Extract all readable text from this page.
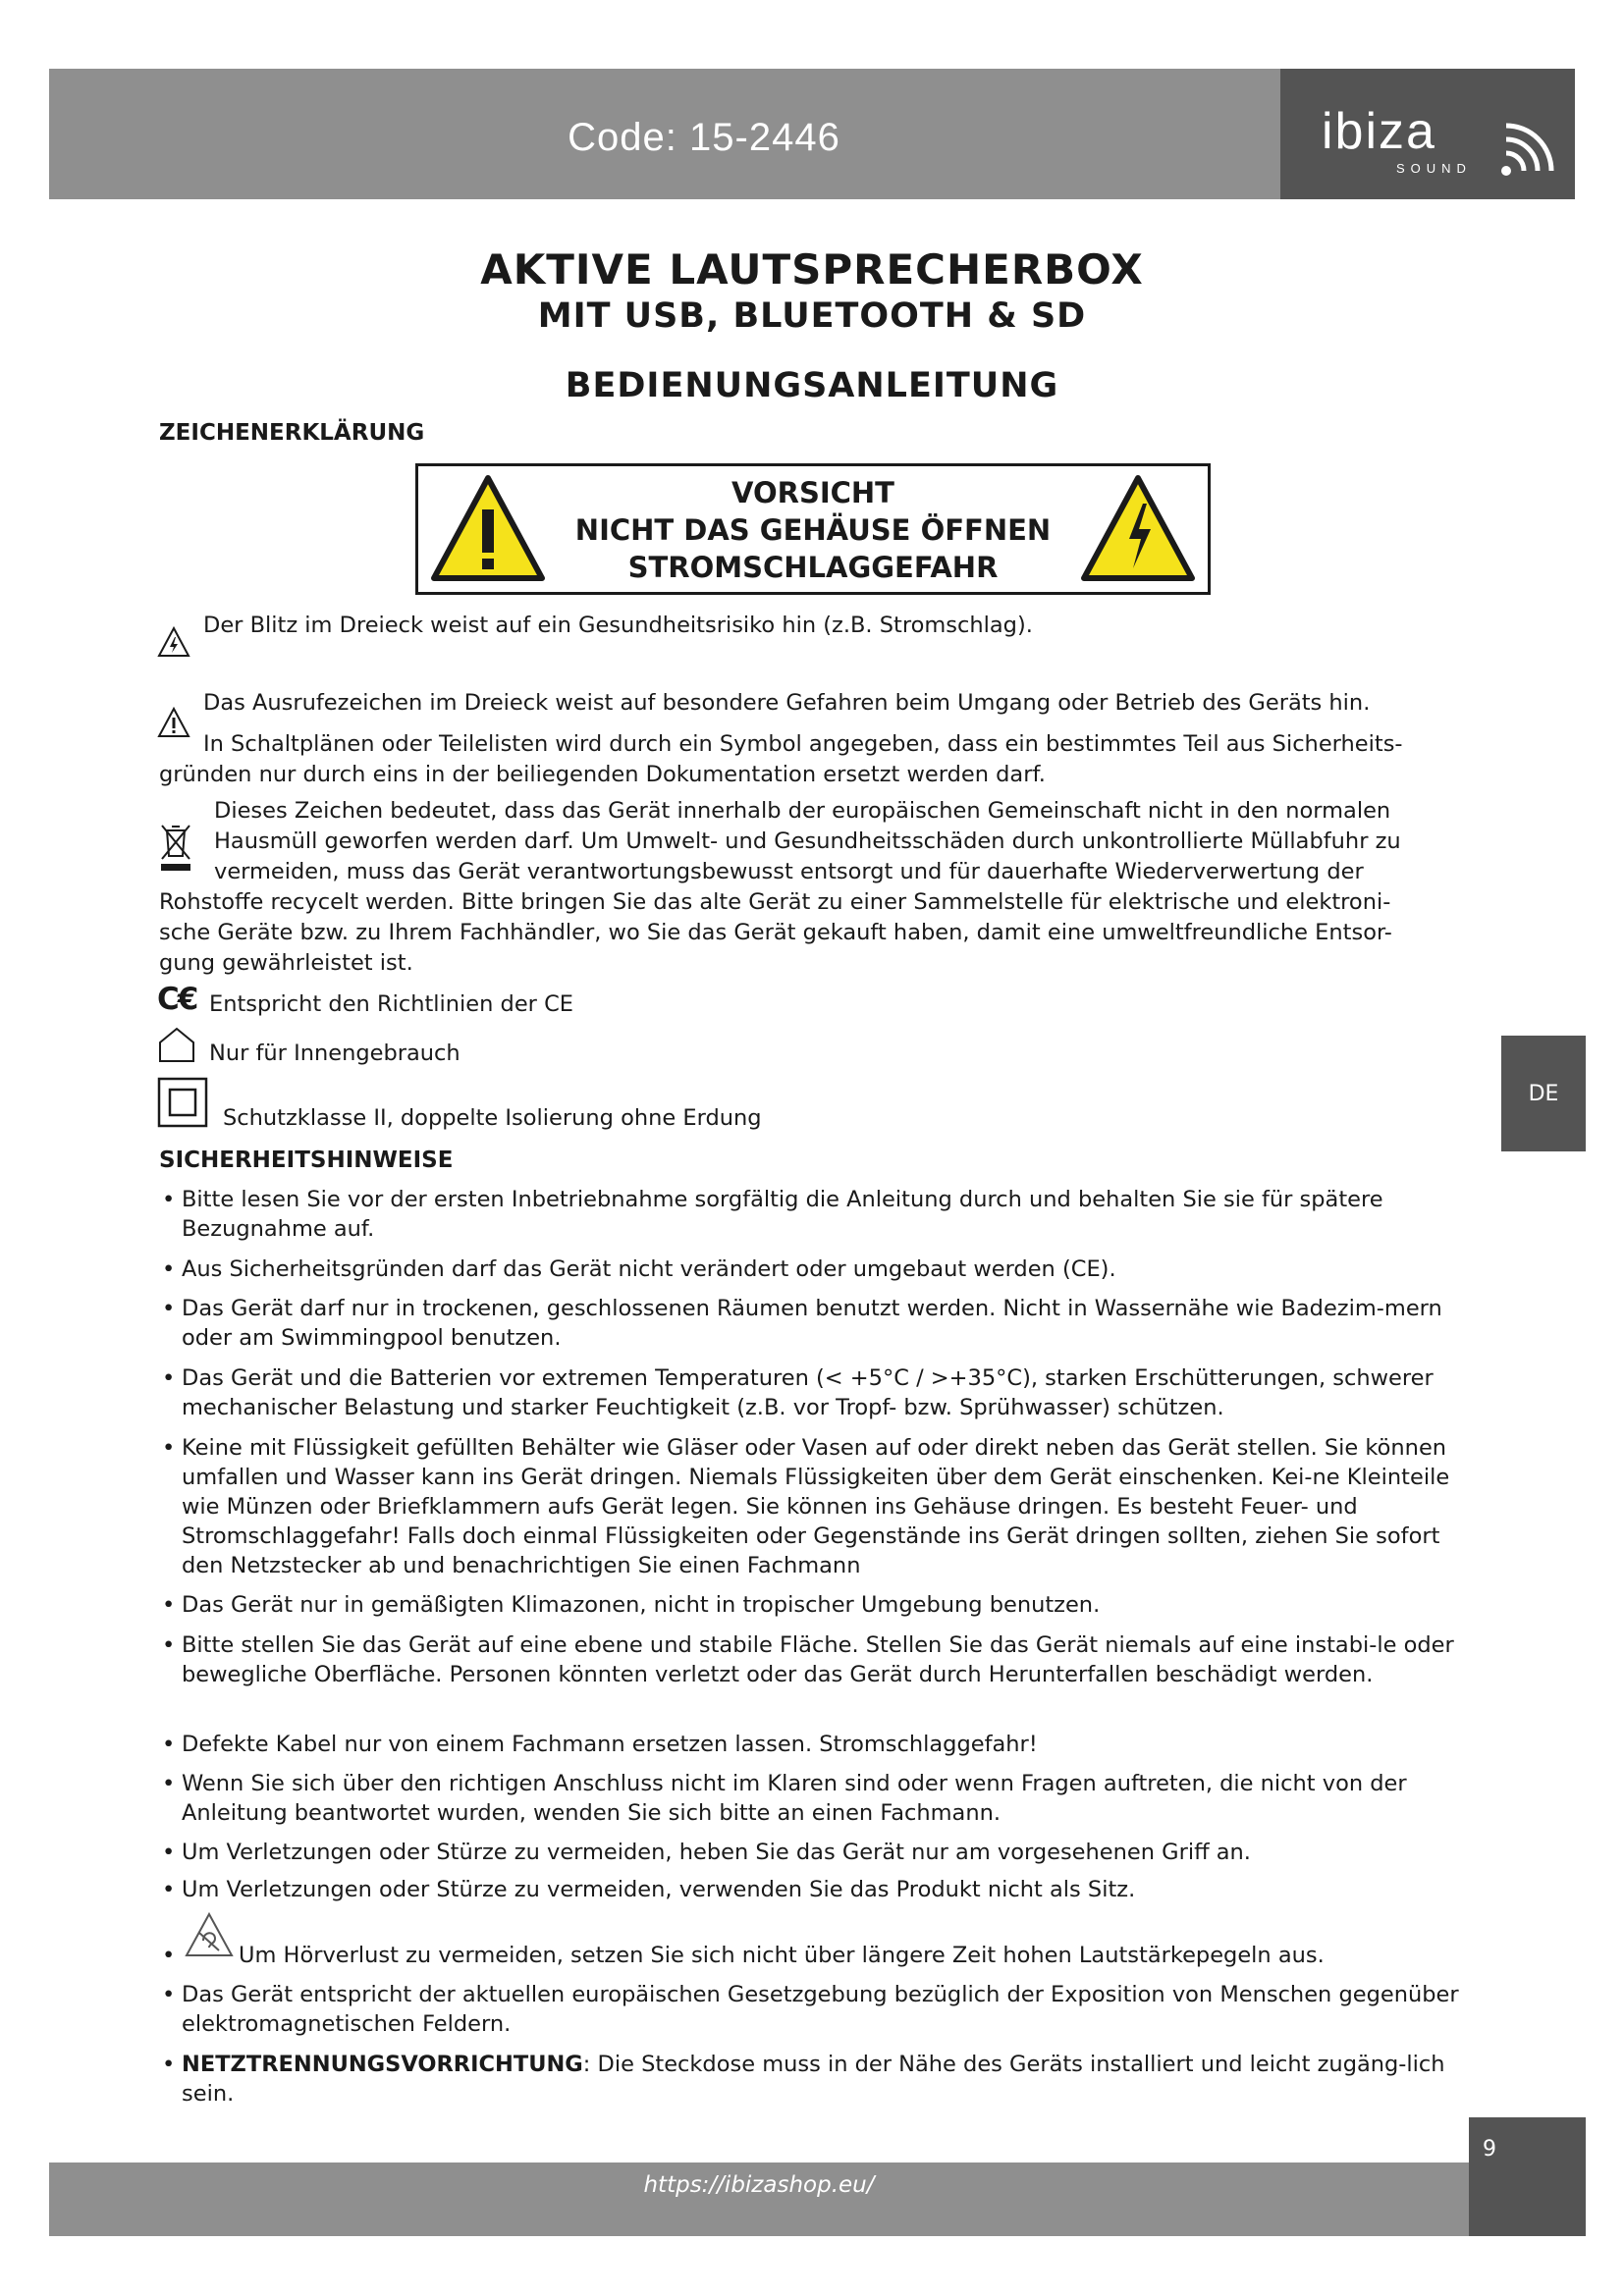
Code: 15-2446	ibiza
SOUND
AKTIVE LAUTSPRECHERBOX
MIT USB, BLUETOOTH & SD
BEDIENUNGSANLEITUNG
ZEICHENERKLÄRUNG
VORSICHT
NICHT DAS GEHÄUSE ÖFFNEN
STROMSCHLAGGEFAHR
Der Blitz im Dreieck weist auf ein Gesundheitsrisiko hin (z.B. Stromschlag).
Das Ausrufezeichen im Dreieck weist auf besondere Gefahren beim Umgang oder Betrieb des Geräts hin.
In Schaltplänen oder Teilelisten wird durch ein Symbol angegeben, dass ein bestimmtes Teil aus Sicherheits-
gründen nur durch eins in der beiliegenden Dokumentation ersetzt werden darf.
Dieses Zeichen bedeutet, dass das Gerät innerhalb der europäischen Gemeinschaft nicht in den normalen
Hausmüll geworfen werden darf. Um Umwelt- und Gesundheitsschäden durch unkontrollierte Müllabfuhr zu
vermeiden, muss das Gerät verantwortungsbewusst entsorgt und für dauerhafte Wiederverwertung der
Rohstoffe recycelt werden. Bitte bringen Sie das alte Gerät zu einer Sammelstelle für elektrische und elektroni-
sche Geräte bzw. zu Ihrem Fachhändler, wo Sie das Gerät gekauft haben, damit eine umweltfreundliche Entsor-
gung gewährleistet ist.
C€ Entspricht den Richtlinien der CE
Nur für Innengebrauch
Schutzklasse II, doppelte Isolierung ohne Erdung
SICHERHEITSHINWEISE
• Bitte lesen Sie vor der ersten Inbetriebnahme sorgfältig die Anleitung durch und behalten Sie sie für spätere Bezugnahme auf.
• Aus Sicherheitsgründen darf das Gerät nicht verändert oder umgebaut werden (CE).
• Das Gerät darf nur in trockenen, geschlossenen Räumen benutzt werden. Nicht in Wassernähe wie Badezim-mern oder am Swimmingpool benutzen.
• Das Gerät und die Batterien vor extremen Temperaturen (< +5°C / >+35°C), starken Erschütterungen, schwerer mechanischer Belastung und starker Feuchtigkeit (z.B. vor Tropf- bzw. Sprühwasser) schützen.
• Keine mit Flüssigkeit gefüllten Behälter wie Gläser oder Vasen auf oder direkt neben das Gerät stellen. Sie können umfallen und Wasser kann ins Gerät dringen. Niemals Flüssigkeiten über dem Gerät einschenken. Kei-ne Kleinteile wie Münzen oder Briefklammern aufs Gerät legen. Sie können ins Gehäuse dringen. Es besteht Feuer- und Stromschlaggefahr! Falls doch einmal Flüssigkeiten oder Gegenstände ins Gerät dringen sollten, ziehen Sie sofort den Netzstecker ab und benachrichtigen Sie einen Fachmann
• Das Gerät nur in gemäßigten Klimazonen, nicht in tropischer Umgebung benutzen.
• Bitte stellen Sie das Gerät auf eine ebene und stabile Fläche. Stellen Sie das Gerät niemals auf eine instabi-le oder bewegliche Oberfläche. Personen könnten verletzt oder das Gerät durch Herunterfallen beschädigt werden.
• Defekte Kabel nur von einem Fachmann ersetzen lassen. Stromschlaggefahr!
• Wenn Sie sich über den richtigen Anschluss nicht im Klaren sind oder wenn Fragen auftreten, die nicht von der Anleitung beantwortet wurden, wenden Sie sich bitte an einen Fachmann.
• Um Verletzungen oder Stürze zu vermeiden, heben Sie das Gerät nur am vorgesehenen Griff an.
• Um Verletzungen oder Stürze zu vermeiden, verwenden Sie das Produkt nicht als Sitz.
• Um Hörverlust zu vermeiden, setzen Sie sich nicht über längere Zeit hohen Lautstärkepegeln aus.
• Das Gerät entspricht der aktuellen europäischen Gesetzgebung bezüglich der Exposition von Menschen gegenüber elektromagnetischen Feldern.
• NETZTRENNUNGSVORRICHTUNG: Die Steckdose muss in der Nähe des Geräts installiert und leicht zugäng-lich sein.
DE
https://ibizashop.eu/
9
